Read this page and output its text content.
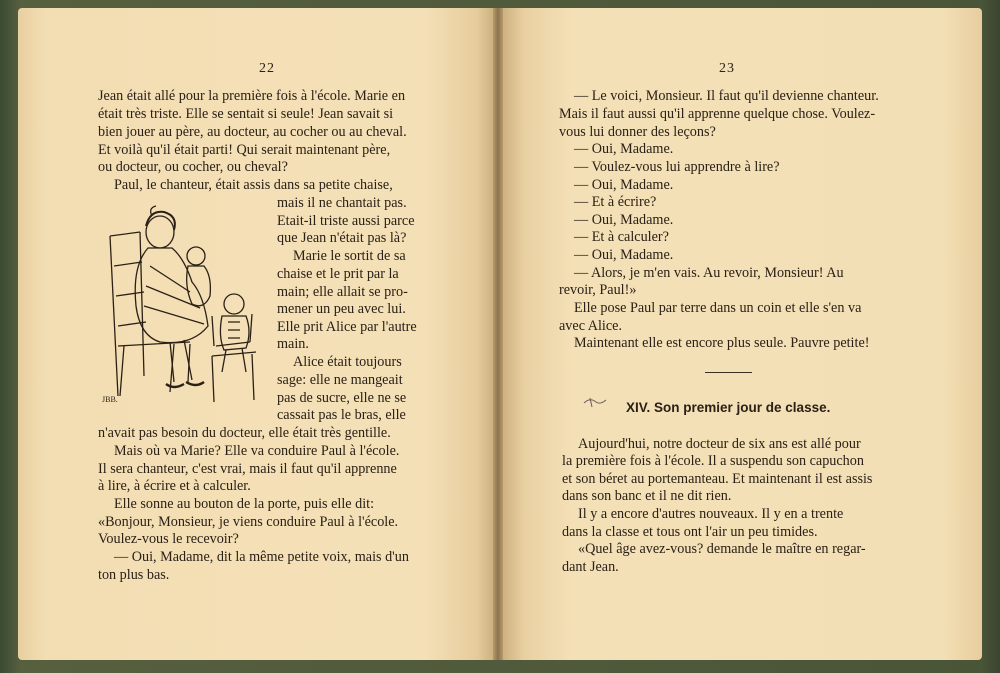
22	23
Jean était allé pour la première fois à l'école. Marie en
était très triste. Elle se sentait si seule! Jean savait si
bien jouer au père, au docteur, au cocher ou au cheval.
Et voilà qu'il était parti! Qui serait maintenant père,
ou docteur, ou cocher, ou cheval?
Paul, le chanteur, était assis dans sa petite chaise,
mais il ne chantait pas.
Etait-il triste aussi parce
que Jean n'était pas là?
Marie le sortit de sa
chaise et le prit par la
main; elle allait se pro-
mener un peu avec lui.
Elle prit Alice par l'autre
main.
Alice était toujours
sage: elle ne mangeait
pas de sucre, elle ne se
cassait pas le bras, elle
n'avait pas besoin du docteur, elle était très gentille.
Mais où va Marie? Elle va conduire Paul à l'école.
Il sera chanteur, c'est vrai, mais il faut qu'il apprenne
à lire, à écrire et à calculer.
Elle sonne au bouton de la porte, puis elle dit:
«Bonjour, Monsieur, je viens conduire Paul à l'école.
Voulez-vous le recevoir?
— Oui, Madame, dit la même petite voix, mais d'un
ton plus bas.
JBB.
— Le voici, Monsieur. Il faut qu'il devienne chanteur.
Mais il faut aussi qu'il apprenne quelque chose. Voulez-
vous lui donner des leçons?
— Oui, Madame.
— Voulez-vous lui apprendre à lire?
— Oui, Madame.
— Et à écrire?
— Oui, Madame.
— Et à calculer?
— Oui, Madame.
— Alors, je m'en vais. Au revoir, Monsieur! Au
revoir, Paul!»
Elle pose Paul par terre dans un coin et elle s'en va
avec Alice.
Maintenant elle est encore plus seule. Pauvre petite!
XIV. Son premier jour de classe.
Aujourd'hui, notre docteur de six ans est allé pour
la première fois à l'école. Il a suspendu son capuchon
et son béret au portemanteau. Et maintenant il est assis
dans son banc et il ne dit rien.
Il y a encore d'autres nouveaux. Il y en a trente
dans la classe et tous ont l'air un peu timides.
«Quel âge avez-vous? demande le maître en regar-
dant Jean.
